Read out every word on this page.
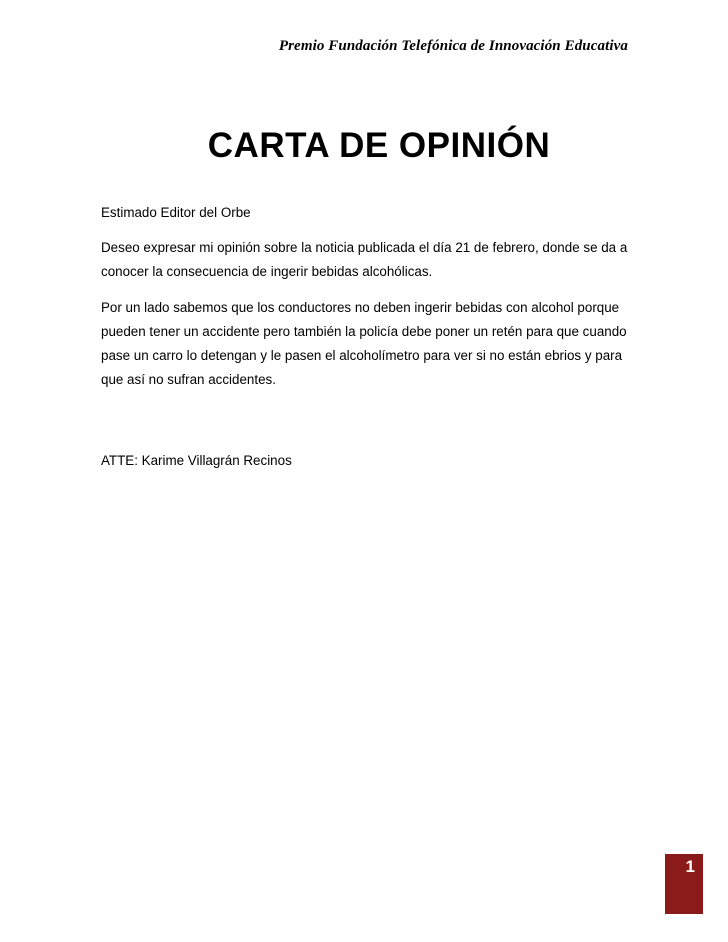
Premio Fundación Telefónica de Innovación Educativa
CARTA DE OPINIÓN

Estimado Editor del Orbe

Deseo expresar mi opinión sobre la noticia publicada el día 21 de febrero, donde se da a conocer la consecuencia de ingerir bebidas alcohólicas.

Por un lado sabemos que los conductores no deben ingerir bebidas con alcohol porque pueden tener un accidente pero también la policía debe poner un retén para que cuando pase un carro lo detengan y le pasen el alcoholímetro para ver si no están ebrios y para que así no sufran accidentes.

ATTE: Karime Villagrán Recinos

1
